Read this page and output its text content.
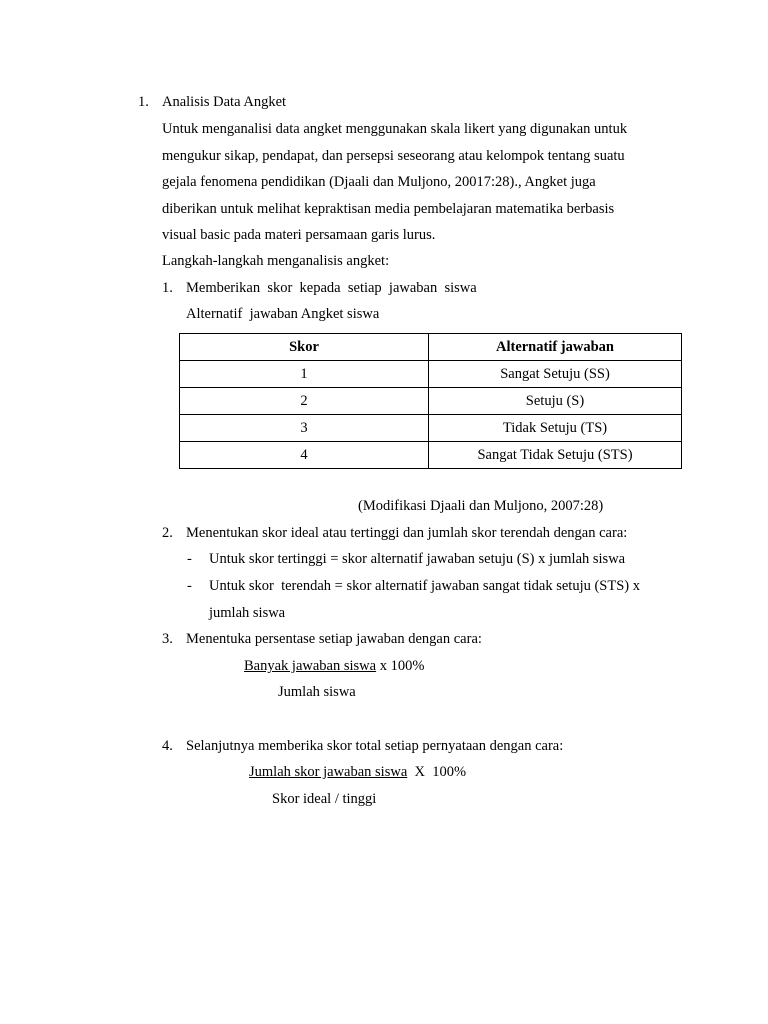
1. Analisis Data Angket
Untuk menganalisi data angket menggunakan skala likert yang digunakan untuk
mengukur sikap, pendapat, dan persepsi seseorang atau kelompok tentang suatu
gejala fenomena pendidikan (Djaali dan Muljono, 20017:28)., Angket juga
diberikan untuk melihat kepraktisan media pembelajaran matematika berbasis
visual basic pada materi persamaan garis lurus.
Langkah-langkah menganalisis angket:
1. Memberikan  skor  kepada  setiap  jawaban  siswa
Alternatif  jawaban Angket siswa
Skor	Alternatif jawaban
1	Sangat Setuju (SS)
2	Setuju (S)
3	Tidak Setuju (TS)
4	Sangat Tidak Setuju (STS)
(Modifikasi Djaali dan Muljono, 2007:28)
2. Menentukan skor ideal atau tertinggi dan jumlah skor terendah dengan cara:
- Untuk skor tertinggi = skor alternatif jawaban setuju (S) x jumlah siswa
- Untuk skor  terendah = skor alternatif jawaban sangat tidak setuju (STS) x
jumlah siswa
3. Menentuka persentase setiap jawaban dengan cara:
Banyak jawaban siswa x 100%
Jumlah siswa
4. Selanjutnya memberika skor total setiap pernyataan dengan cara:
Jumlah skor jawaban siswa  X  100%
Skor ideal / tinggi
